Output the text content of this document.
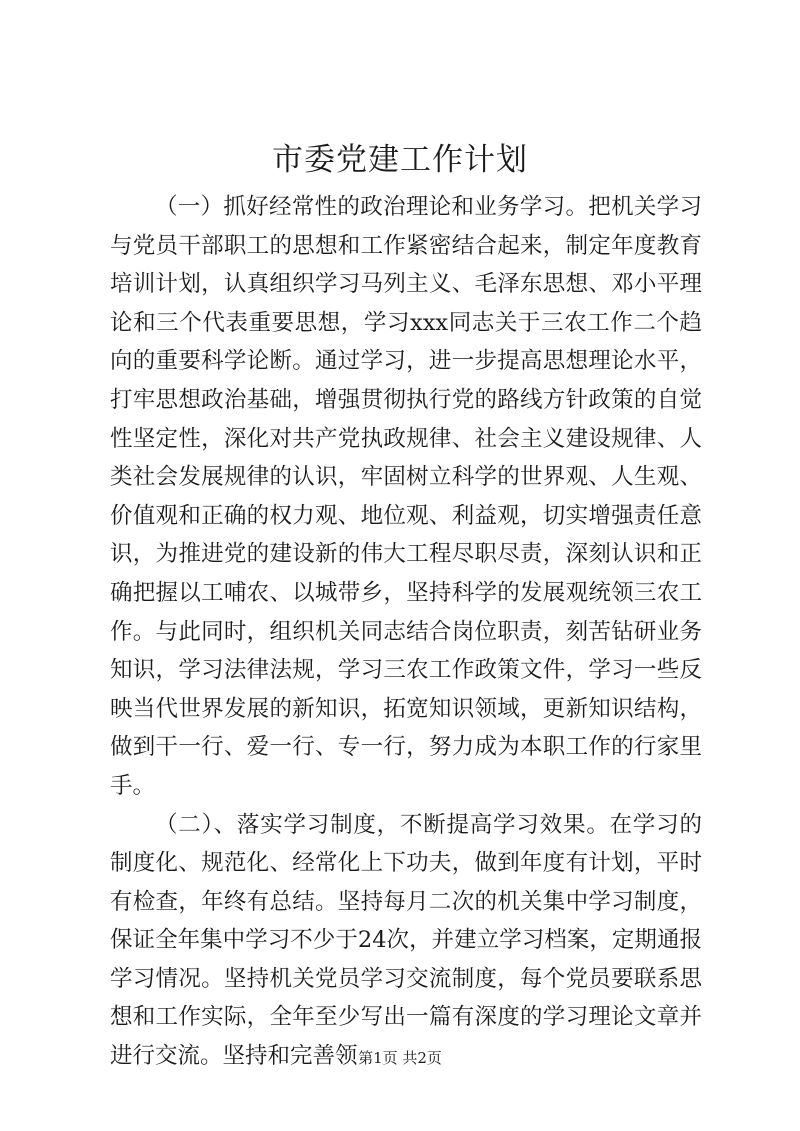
市委党建工作计划

（一）抓好经常性的政治理论和业务学习。把机关学习与党员干部职工的思想和工作紧密结合起来，制定年度教育培训计划，认真组织学习马列主义、毛泽东思想、邓小平理论和三个代表重要思想，学习xxx同志关于三农工作二个趋向的重要科学论断。通过学习，进一步提高思想理论水平，打牢思想政治基础，增强贯彻执行党的路线方针政策的自觉性坚定性，深化对共产党执政规律、社会主义建设规律、人类社会发展规律的认识，牢固树立科学的世界观、人生观、价值观和正确的权力观、地位观、利益观，切实增强责任意识，为推进党的建设新的伟大工程尽职尽责，深刻认识和正确把握以工哺农、以城带乡，坚持科学的发展观统领三农工作。与此同时，组织机关同志结合岗位职责，刻苦钻研业务知识，学习法律法规，学习三农工作政策文件，学习一些反映当代世界发展的新知识，拓宽知识领域，更新知识结构，做到干一行、爱一行、专一行，努力成为本职工作的行家里手。

（二）、落实学习制度，不断提高学习效果。在学习的制度化、规范化、经常化上下功夫，做到年度有计划，平时有检查，年终有总结。坚持每月二次的机关集中学习制度，保证全年集中学习不少于24次，并建立学习档案，定期通报学习情况。坚持机关党员学习交流制度，每个党员要联系思想和工作实际，全年至少写出一篇有深度的学习理论文章并进行交流。坚持和完善领 第1页 共2页
